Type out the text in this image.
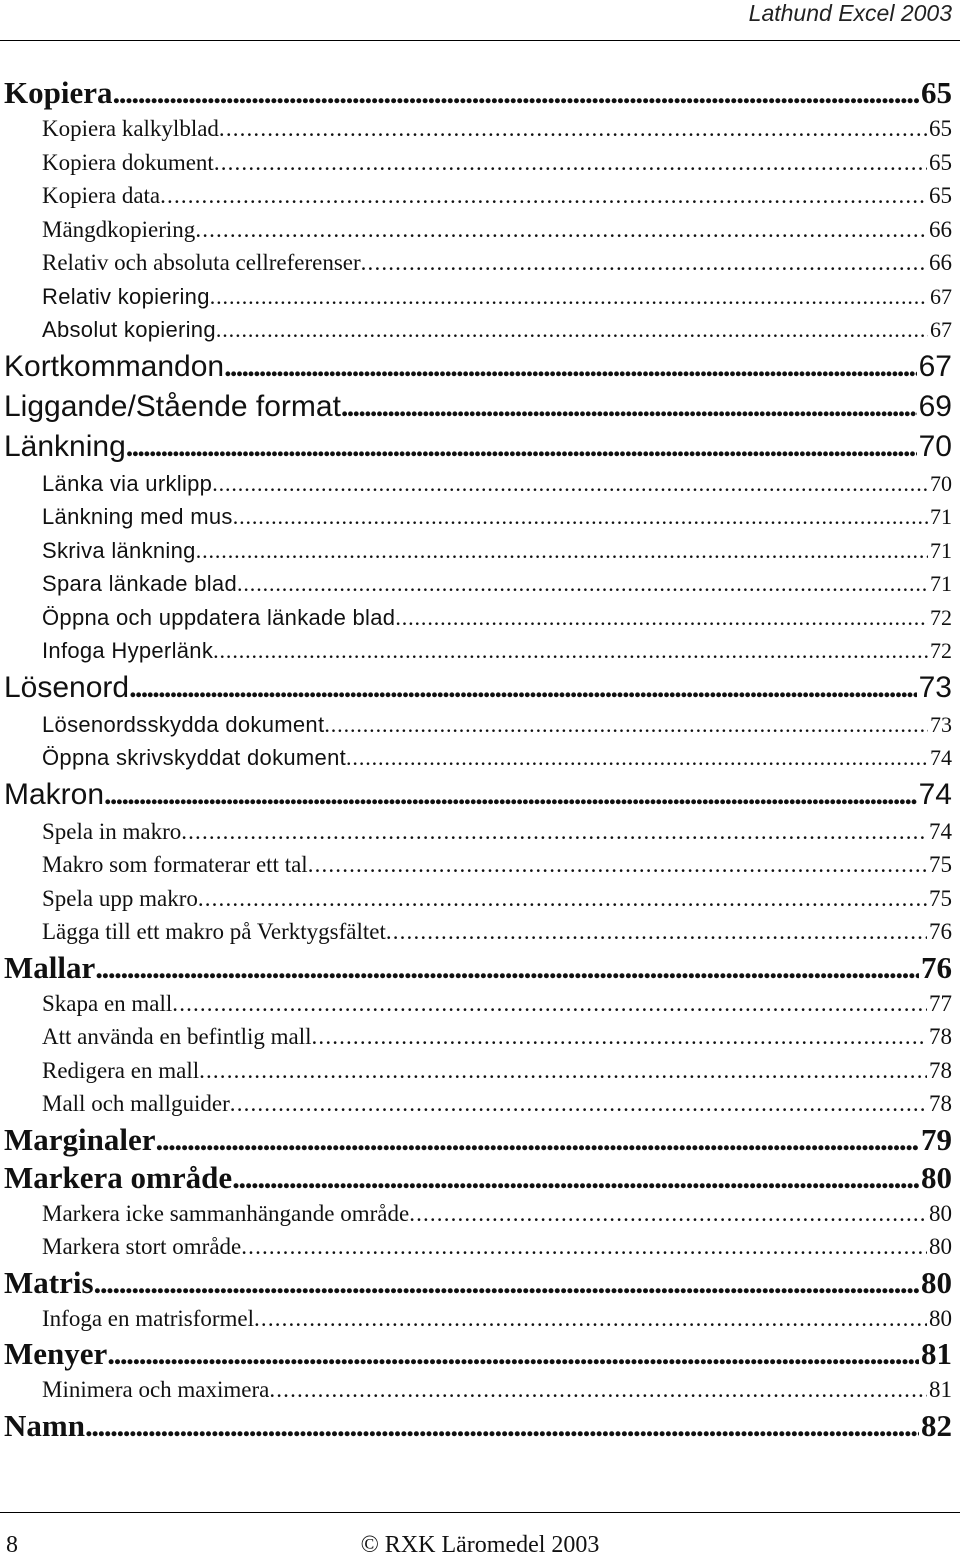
Lathund Excel 2003
Kopiera . . .	65
Kopiera kalkylblad . . .	65
Kopiera dokument . . .	65
Kopiera data . . .	65
Mängdkopiering . . .	66
Relativ och absoluta cellreferenser . . .	66
Relativ kopiering . . .	67
Absolut kopiering . . .	67
Kortkommandon . . .	67
Liggande/Stående format . . .	69
Länkning . . .	70
Länka via urklipp . . .	70
Länkning med mus . . .	71
Skriva länkning . . .	71
Spara länkade blad . . .	71
Öppna och uppdatera länkade blad . . .	72
Infoga Hyperlänk . . .	72
Lösenord . . .	73
Lösenordsskydda dokument . . .	73
Öppna skrivskyddat dokument . . .	74
Makron . . .	74
Spela in makro . . .	74
Makro som formaterar ett tal . . .	75
Spela upp makro . . .	75
Lägga till ett makro på Verktygsfältet . . .	76
Mallar . . .	76
Skapa en mall . . .	77
Att använda en befintlig mall . . .	78
Redigera en mall . . .	78
Mall och mallguider . . .	78
Marginaler . . .	79
Markera område . . .	80
Markera icke sammanhängande område . . .	80
Markera stort område . . .	80
Matris . . .	80
Infoga en matrisformel . . .	80
Menyer . . .	81
Minimera och maximera . . .	81
Namn . . .	82
8	© RXK Läromedel 2003
